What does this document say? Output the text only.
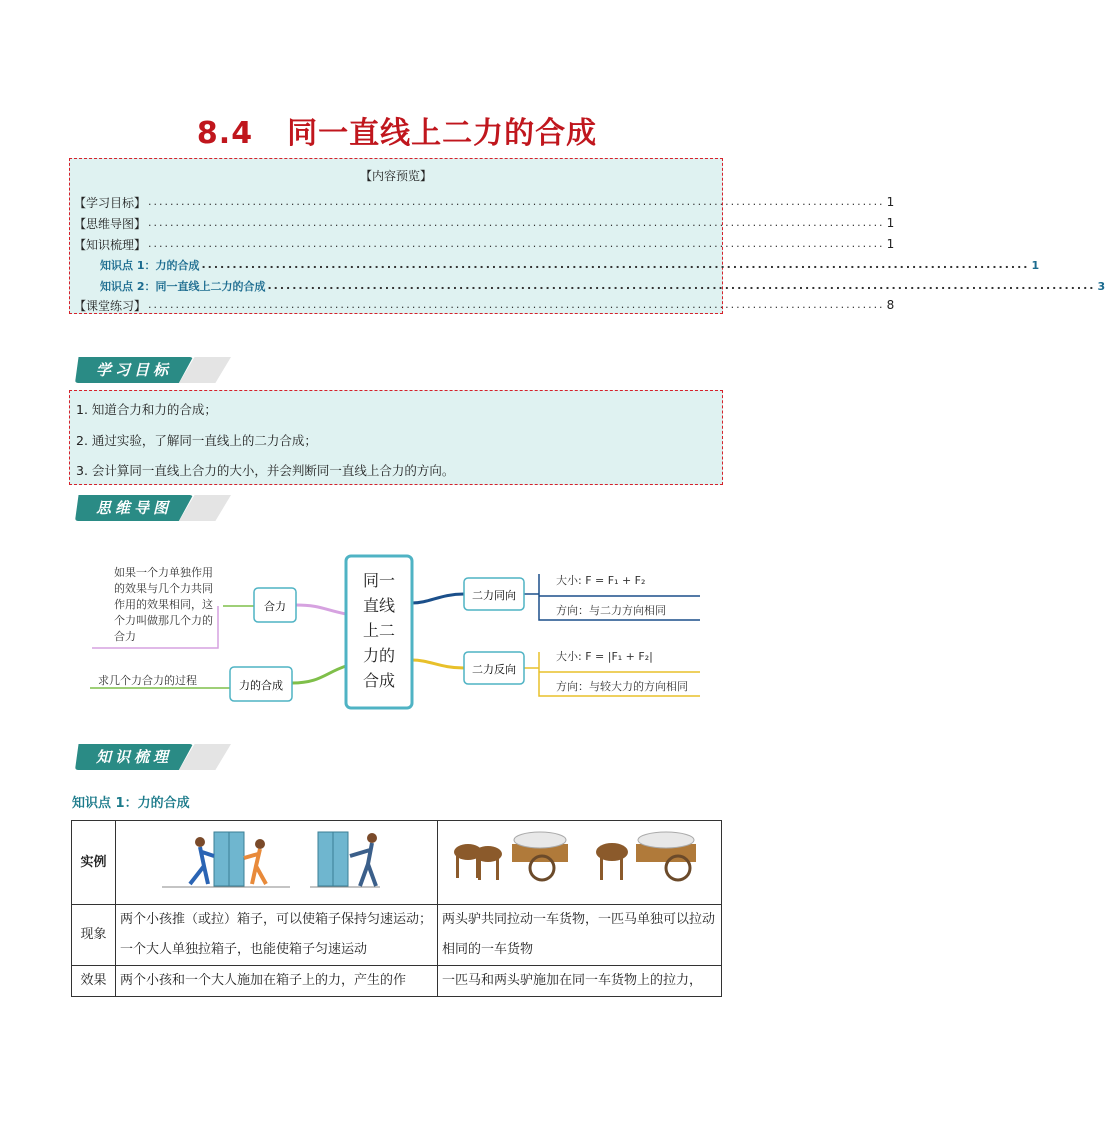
8.4 同一直线上二力的合成
【内容预览】
【学习目标】 ...................................................................................................................................... 1
【思维导图】 ...................................................................................................................................... 1
【知识梳理】 ...................................................................................................................................... 1
知识点 1：力的合成 ...................................................................................................................................... 1
知识点 2：同一直线上二力的合成 ...................................................................................................................................... 3
【课堂练习】 ...................................................................................................................................... 8
学习目标
1. 知道合力和力的合成；
2. 通过实验，了解同一直线上的二力合成；
3. 会计算同一直线上合力的大小，并会判断同一直线上合力的方向。
思维导图
同一
直线
上二
力的
合成
合力
力的合成
如果一个力单独作用
的效果与几个力共同
作用的效果相同，这
个力叫做那几个力的
合力
求几个力合力的过程
二力同向
二力反向
大小: F = F₁ + F₂
方向：与二力方向相同
大小: F = |F₁ + F₂|
方向：与较大力的方向相同
知识梳理
知识点 1：力的合成
实例		
现象	两个小孩推（或拉）箱子，可以使箱子保持匀速运动；一个大人单独拉箱子，也能使箱子匀速运动	两头驴共同拉动一车货物，一匹马单独可以拉动相同的一车货物
效果	两个小孩和一个大人施加在箱子上的力，产生的作	一匹马和两头驴施加在同一车货物上的拉力，
